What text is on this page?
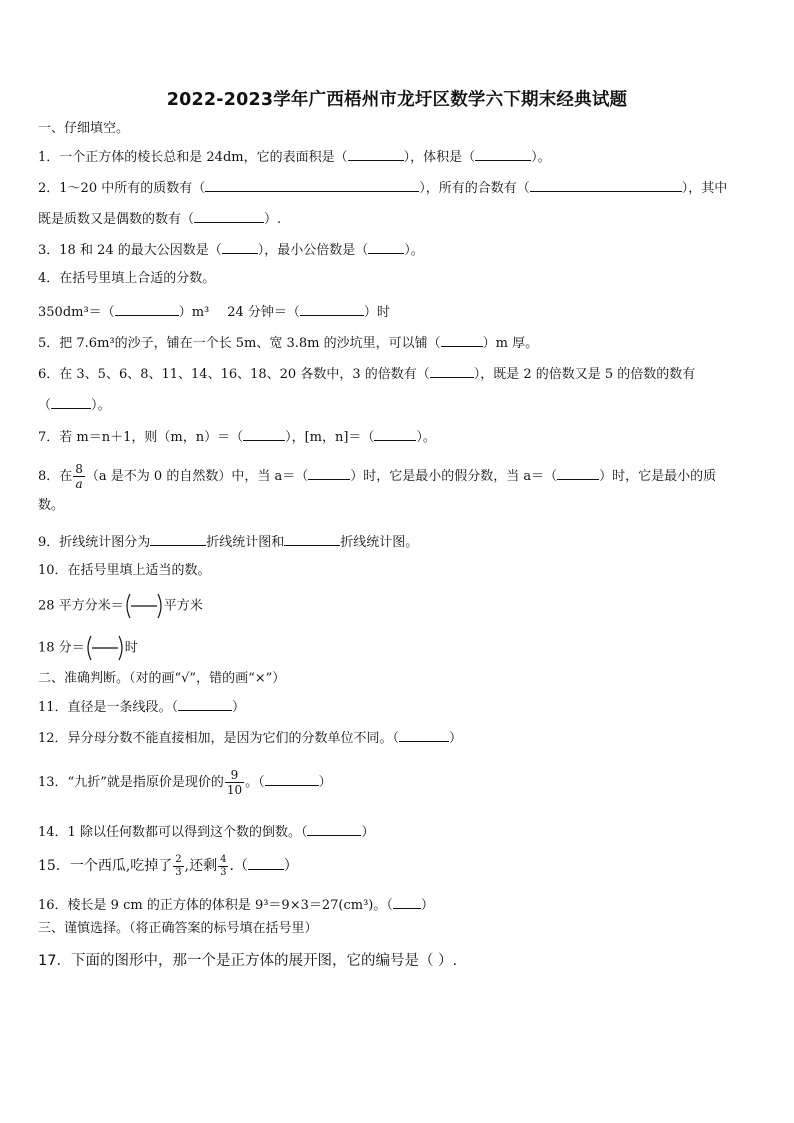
2022-2023学年广西梧州市龙圩区数学六下期末经典试题
一、仔细填空。
1．一个正方体的棱长总和是 24dm，它的表面积是（	），体积是（	）。
2．1～20 中所有的质数有（	），所有的合数有（	），其中
既是质数又是偶数的数有（	）.
3．18 和 24 的最大公因数是（	），最小公倍数是（	）。
4．在括号里填上合适的分数。
350dm³＝（	）m³ 24 分钟＝（	）时
5．把 7.6m³的沙子，铺在一个长 5m、宽 3.8m 的沙坑里，可以铺（	）m 厚。
6．在 3、5、6、8、11、14、16、18、20 各数中，3 的倍数有（	），既是 2 的倍数又是 5 的倍数的数有
（	）。
7．若 m＝n＋1，则（m，n）＝（	），[m，n]＝（	）。
8．在 $\frac{8}{a} (a$ 是不为 0 的自然数）中，当 a＝（	）时，它是最小的假分数，当 a＝（	）时，它是最小的质
数。
9．折线统计图分为	折线统计图和	折线统计图。
10．在括号里填上适当的数。
28 平方分米＝	平方米
18 分＝	时
二、准确判断。（对的画“√”，错的画“×”）
11．直径是一条线段。（	）
12．异分母分数不能直接相加，是因为它们的分数单位不同。（	）
13．“九折”就是指原价是现价的 $\frac{9}{10}$ 。（	）
14．1 除以任何数都可以得到这个数的倒数。（	）
15．一个西瓜,吃掉了 $\frac{2}{3}$ ,还剩 $\frac{4}{3}$ .（	）
16．棱长是 9 cm 的正方体的体积是 9³＝9×3＝27(cm³)。（ ）
三、谨慎选择。（将正确答案的标号填在括号里）
17．下面的图形中，那一个是正方体的展开图，它的编号是（ ）.
